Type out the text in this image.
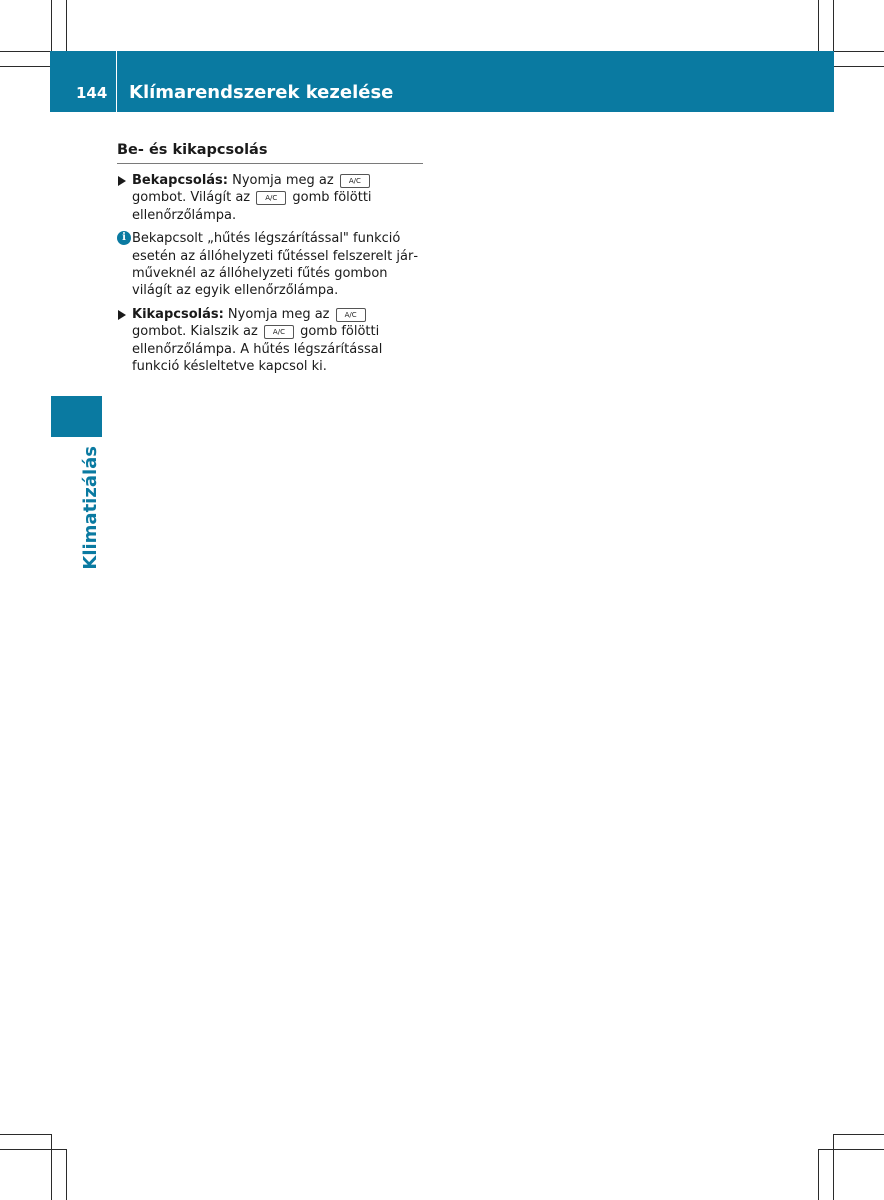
144 Klímarendszerek kezelése
Klimatizálás
Be- és kikapcsolás
Bekapcsolás: Nyomja meg az A/C gombot. Világít az A/C gomb fölötti ellenőrzőlámpa.
i Bekapcsolt „hűtés légszárítással" funkció esetén az állóhelyzeti fűtéssel felszerelt járműveknél az állóhelyzeti fűtés gombon világít az egyik ellenőrzőlámpa.
Kikapcsolás: Nyomja meg az A/C gombot. Kialszik az A/C gomb fölötti ellenőrzőlámpa. A hűtés légszárítással funkció késleltetve kapcsol ki.
